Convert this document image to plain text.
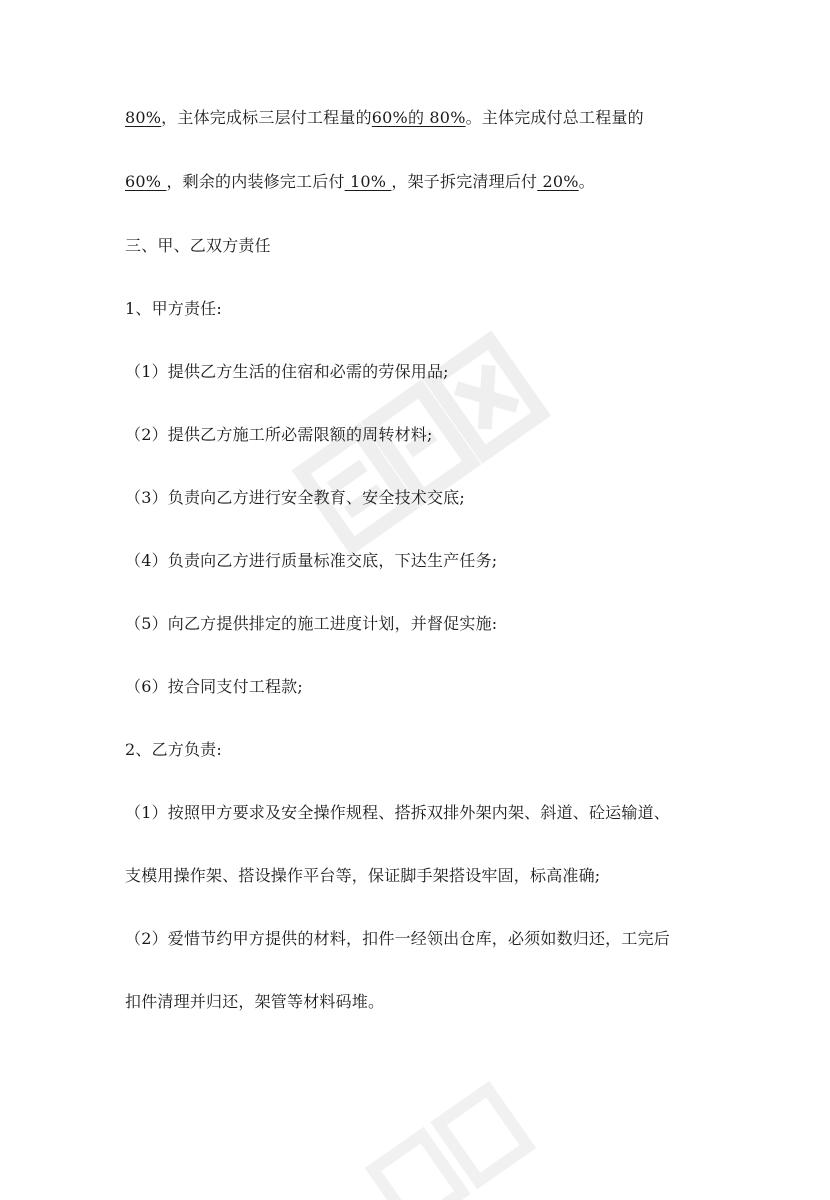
80%，主体完成标三层付工程量的60%的 80%。主体完成付总工程量的
60% ，剩余的内装修完工后付 10% ，架子拆完清理后付 20%。
三、甲、乙双方责任
1、甲方责任:
（1）提供乙方生活的住宿和必需的劳保用品;
（2）提供乙方施工所必需限额的周转材料;
（3）负责向乙方进行安全教育、安全技术交底;
（4）负责向乙方进行质量标准交底，下达生产任务;
（5）向乙方提供排定的施工进度计划，并督促实施:
（6）按合同支付工程款;
2、乙方负责:
（1）按照甲方要求及安全操作规程、搭拆双排外架内架、斜道、砼运输道、
支模用操作架、搭设操作平台等，保证脚手架搭设牢固，标高准确;
（2）爱惜节约甲方提供的材料，扣件一经领出仓库，必须如数归还，工完后
扣件清理并归还，架管等材料码堆。
